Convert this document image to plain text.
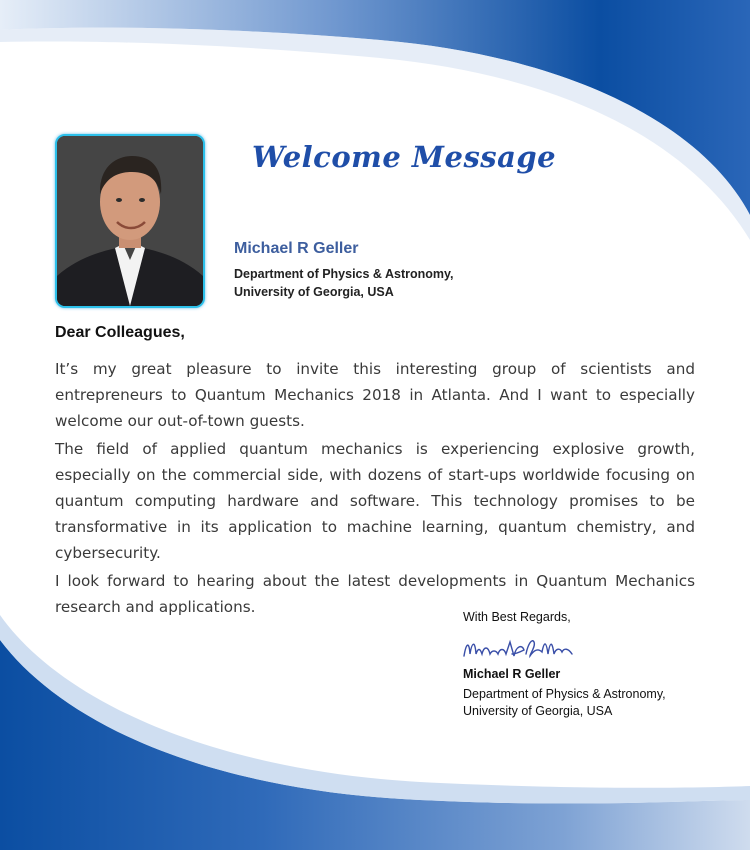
Welcome Message
Michael R Geller
Department of Physics & Astronomy,
University of Georgia, USA
Dear Colleagues,

It’s my great pleasure to invite this interesting group of scientists and entrepreneurs to Quantum Mechanics 2018 in Atlanta. And I want to especially welcome our out-of-town guests.

The field of applied quantum mechanics is experiencing explosive growth, especially on the commercial side, with dozens of start-ups worldwide focusing on quantum computing hardware and software. This technology promises to be transformative in its application to machine learning, quantum chemistry, and cybersecurity.

I look forward to hearing about the latest developments in Quantum Mechanics research and applications.

With Best Regards,
Michael R Geller
Department of Physics & Astronomy,
University of Georgia, USA
